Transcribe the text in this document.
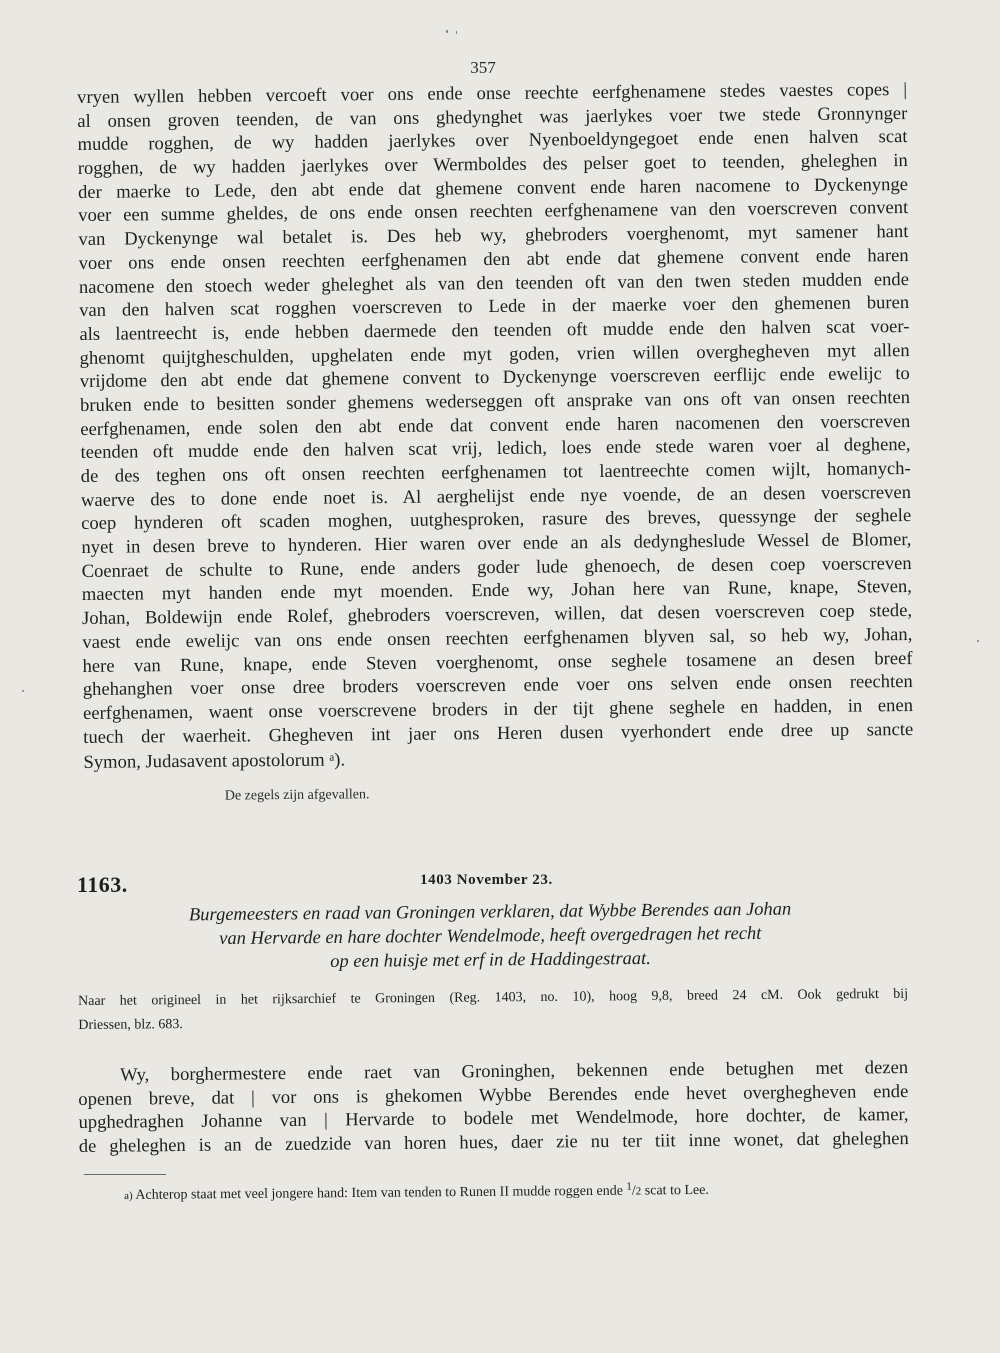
357
vryen wyllen hebben vercoeft voer ons ende onse reechte eerfghenamene stedes vaestes copes |
al onsen groven teenden, de van ons ghedynghet was jaerlykes voer twe stede Gronnynger
mudde rogghen, de wy hadden jaerlykes over Nyenboeldyngegoet ende enen halven scat
rogghen, de wy hadden jaerlykes over Wermboldes des pelser goet to teenden, gheleghen in
der maerke to Lede, den abt ende dat ghemene convent ende haren nacomene to Dyckenynge
voer een summe gheldes, de ons ende onsen reechten eerfghenamene van den voerscreven convent
van Dyckenynge wal betalet is. Des heb wy, ghebroders voerghenomt, myt samener hant
voer ons ende onsen reechten eerfghenamen den abt ende dat ghemene convent ende haren
nacomene den stoech weder gheleghet als van den teenden oft van den twen steden mudden ende
van den halven scat rogghen voerscreven to Lede in der maerke voer den ghemenen buren
als laentreecht is, ende hebben daermede den teenden oft mudde ende den halven scat voer-
ghenomt quijtgheschulden, upghelaten ende myt goden, vrien willen overghegheven myt allen
vrijdome den abt ende dat ghemene convent to Dyckenynge voerscreven eerflijc ende ewelijc to
bruken ende to besitten sonder ghemens wederseggen oft ansprake van ons oft van onsen reechten
eerfghenamen, ende solen den abt ende dat convent ende haren nacomenen den voerscreven
teenden oft mudde ende den halven scat vrij, ledich, loes ende stede waren voer al deghene,
de des teghen ons oft onsen reechten eerfghenamen tot laentreechte comen wijlt, homanych-
waerve des to done ende noet is. Al aerghelijst ende nye voende, de an desen voerscreven
coep hynderen oft scaden moghen, uutghesproken, rasure des breves, quessynge der seghele
nyet in desen breve to hynderen. Hier waren over ende an als dedyngheslude Wessel de Blomer,
Coenraet de schulte to Rune, ende anders goder lude ghenoech, de desen coep voerscreven
maecten myt handen ende myt moenden. Ende wy, Johan here van Rune, knape, Steven,
Johan, Boldewijn ende Rolef, ghebroders voerscreven, willen, dat desen voerscreven coep stede,
vaest ende ewelijc van ons ende onsen reechten eerfghenamen blyven sal, so heb wy, Johan,
here van Rune, knape, ende Steven voerghenomt, onse seghele tosamene an desen breef
ghehanghen voer onse dree broders voerscreven ende voer ons selven ende onsen reechten
eerfghenamen, waent onse voerscrevene broders in der tijt ghene seghele en hadden, in enen
tuech der waerheit. Ghegheven int jaer ons Heren dusen vyerhondert ende dree up sancte
Symon, Judasavent apostolorum $^a$).
De zegels zijn afgevallen.
1163.	1403 November 23.
Burgemeesters en raad van Groningen verklaren, dat Wybbe Berendes aan Johan
van Hervarde en hare dochter Wendelmode, heeft overgedragen het recht
op een huisje met erf in de Haddingestraat.
Naar het origineel in het rijksarchief te Groningen (Reg. 1403, no. 10), hoog 9,8, breed 24 cM. Ook gedrukt bij
Driessen, blz. 683.
Wy, borghermestere ende raet van Groninghen, bekennen ende betughen met dezen
openen breve, dat | vor ons is ghekomen Wybbe Berendes ende hevet overghegheven ende
upghedraghen Johanne van | Hervarde to bodele met Wendelmode, hore dochter, de kamer,
de gheleghen is an de zuedzide van horen hues, daer zie nu ter tiit inne wonet, dat gheleghen
a) Achterop staat met veel jongere hand: Item van tenden to Runen II mudde roggen ende $^1$/2 scat to Lee.
